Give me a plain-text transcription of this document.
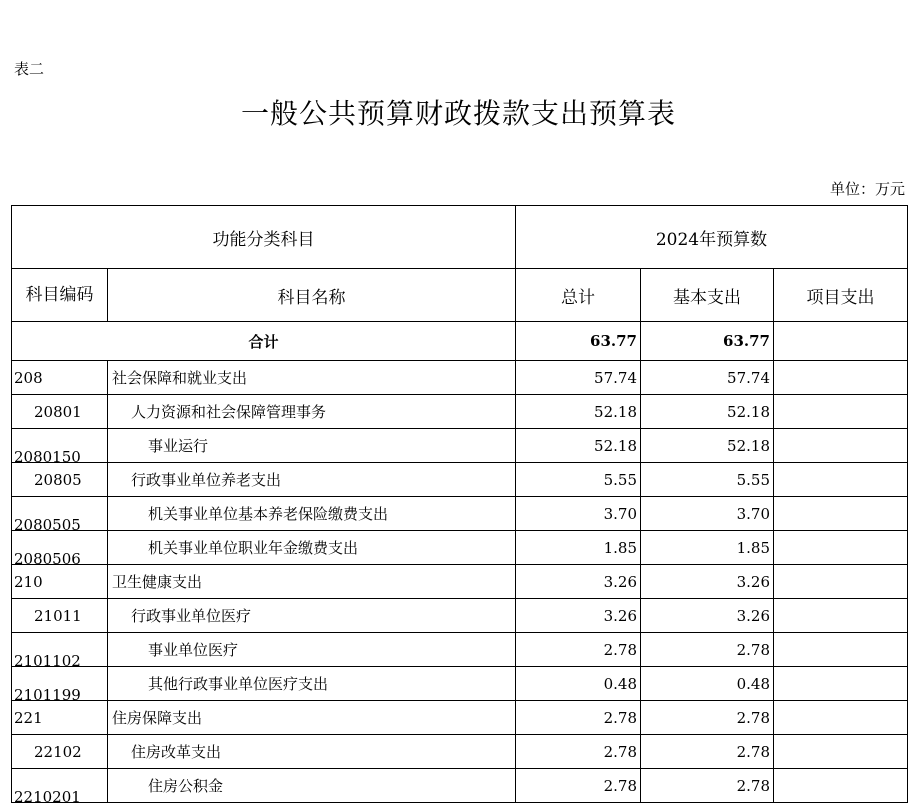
表二
一般公共预算财政拨款支出预算表
单位：万元
功能分类科目		2024年预算数		
科目编码	科目名称	总计	基本支出	项目支出
合计		63.77	63.77	
208	社会保障和就业支出	57.74	57.74	
20801	人力资源和社会保障管理事务	52.18	52.18	
2080150	事业运行	52.18	52.18	
20805	行政事业单位养老支出	5.55	5.55	
2080505	机关事业单位基本养老保险缴费支出	3.70	3.70	
2080506	机关事业单位职业年金缴费支出	1.85	1.85	
210	卫生健康支出	3.26	3.26	
21011	行政事业单位医疗	3.26	3.26	
2101102	事业单位医疗	2.78	2.78	
2101199	其他行政事业单位医疗支出	0.48	0.48	
221	住房保障支出	2.78	2.78	
22102	住房改革支出	2.78	2.78	
2210201	住房公积金	2.78	2.78	
